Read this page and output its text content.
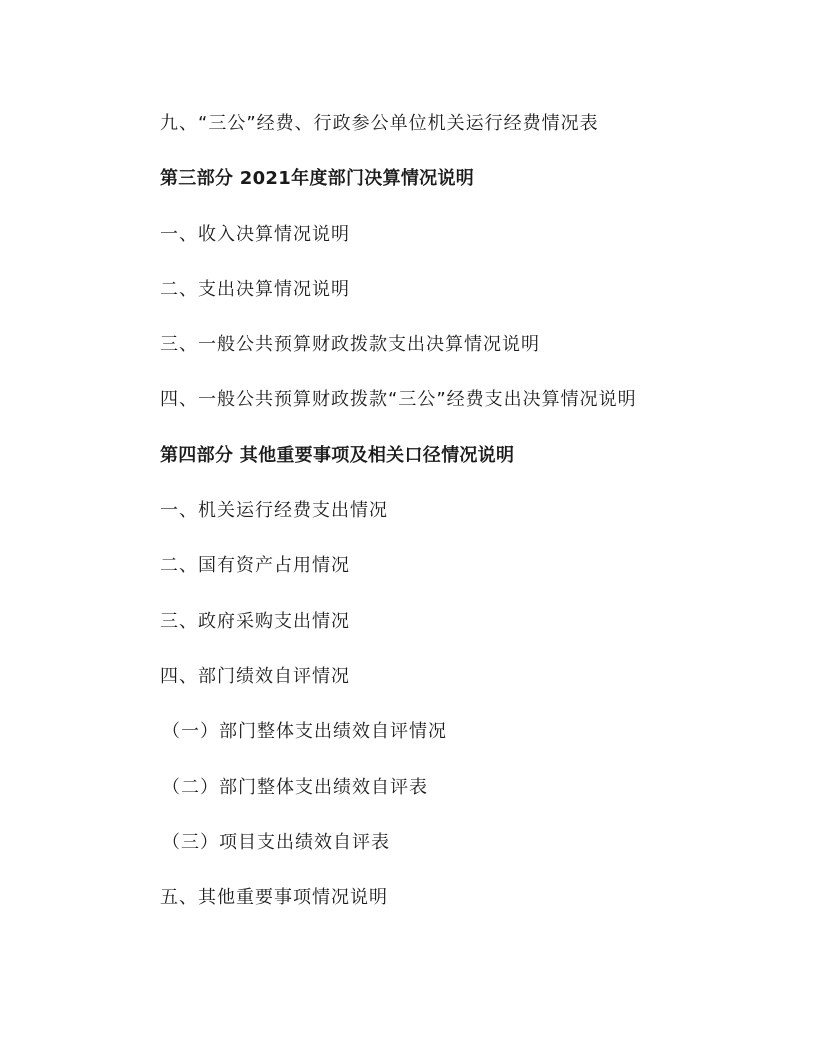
九、“三公”经费、行政参公单位机关运行经费情况表
第三部分 2021年度部门决算情况说明
一、收入决算情况说明
二、支出决算情况说明
三、一般公共预算财政拨款支出决算情况说明
四、一般公共预算财政拨款“三公”经费支出决算情况说明
第四部分 其他重要事项及相关口径情况说明
一、机关运行经费支出情况
二、国有资产占用情况
三、政府采购支出情况
四、部门绩效自评情况
（一）部门整体支出绩效自评情况
（二）部门整体支出绩效自评表
（三）项目支出绩效自评表
五、其他重要事项情况说明
